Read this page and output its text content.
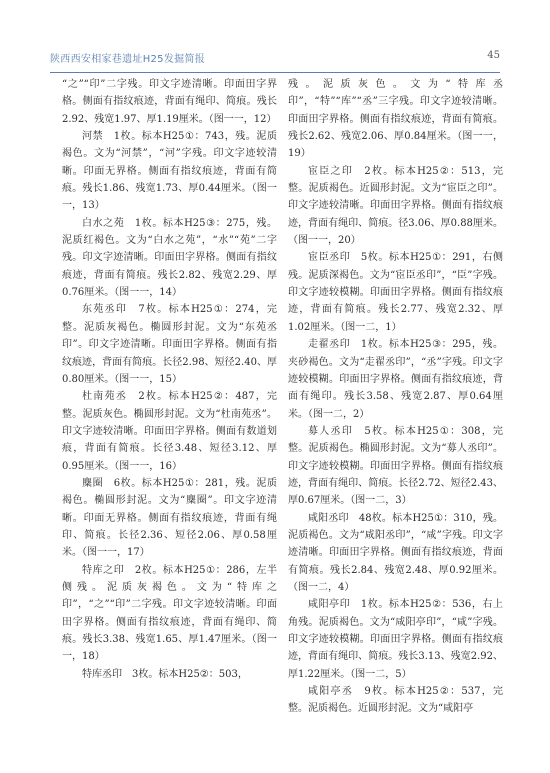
陕西西安相家巷遗址H25发掘简报	45

“之”“印”二字残。印文字迹清晰。印面田字界格。侧面有指纹痕迹，背面有绳印、简痕。残长2.92、残宽1.97、厚1.19厘米。（图一一，12）

河禁　1枚。标本H25①：743，残。泥质褐色。文为“河禁”，“河”字残。印文字迹较清晰。印面无界格。侧面有指纹痕迹，背面有简痕。残长1.86、残宽1.73、厚0.44厘米。（图一一，13）

白水之苑　1枚。标本H25③：275，残。泥质红褐色。文为“白水之苑”，“水”“苑”二字残。印文字迹清晰。印面田字界格。侧面有指纹痕迹，背面有简痕。残长2.82、残宽2.29、厚0.76厘米。（图一一，14）

东苑丞印　7枚。标本H25①：274，完整。泥质灰褐色。椭圆形封泥。文为“东苑丞印”。印文字迹清晰。印面田字界格。侧面有指纹痕迹，背面有简痕。长径2.98、短径2.40、厚0.80厘米。（图一一，15）

杜南苑丞　2枚。标本H25②：487，完整。泥质灰色。椭圆形封泥。文为“杜南苑丞”。印文字迹较清晰。印面田字界格。侧面有数道划痕，背面有简痕。长径3.48、短径3.12、厚0.95厘米。（图一一，16）

麋圈　6枚。标本H25①：281，残。泥质褐色。椭圆形封泥。文为“麋圈”。印文字迹清晰。印面无界格。侧面有指纹痕迹，背面有绳印、简痕。长径2.36、短径2.06、厚0.58厘米。（图一一，17）

特库之印　2枚。标本H25①：286，左半侧残。泥质灰褐色。文为“特库之印”，“之”“印”二字残。印文字迹较清晰。印面田字界格。侧面有指纹痕迹，背面有绳印、简痕。残长3.38、残宽1.65、厚1.47厘米。（图一一，18）

特库丞印　3枚。标本H25②：503，

残。泥质灰色。文为“特库丞印”，“特”“库”“丞”三字残。印文字迹较清晰。印面田字界格。侧面有指纹痕迹，背面有简痕。残长2.62、残宽2.06、厚0.84厘米。（图一一，19）

宦臣之印　2枚。标本H25②：513，完整。泥质褐色。近圆形封泥。文为“宦臣之印”。印文字迹较清晰。印面田字界格。侧面有指纹痕迹，背面有绳印、简痕。径3.06、厚0.88厘米。（图一一，20）

宦臣丞印　5枚。标本H25①：291，右侧残。泥质深褐色。文为“宦臣丞印”，“臣”字残。印文字迹较模糊。印面田字界格。侧面有指纹痕迹，背面有简痕。残长2.77、残宽2.32、厚1.02厘米。（图一二，1）

走翟丞印　1枚。标本H25③：295，残。夹砂褐色。文为“走翟丞印”，“丞”字残。印文字迹较模糊。印面田字界格。侧面有指纹痕迹，背面有绳印。残长3.58、残宽2.87、厚0.64厘米。（图一二，2）

募人丞印　5枚。标本H25①：308，完整。泥质褐色。椭圆形封泥。文为“募人丞印”。印文字迹较模糊。印面田字界格。侧面有指纹痕迹，背面有绳印、简痕。长径2.72、短径2.43、厚0.67厘米。（图一二，3）

咸阳丞印　48枚。标本H25①：310，残。泥质褐色。文为“咸阳丞印”，“咸”字残。印文字迹清晰。印面田字界格。侧面有指纹痕迹，背面有简痕。残长2.84、残宽2.48、厚0.92厘米。（图一二，4）

咸阳亭印　1枚。标本H25②：536，右上角残。泥质褐色。文为“咸阳亭印”，“咸”字残。印文字迹较模糊。印面田字界格。侧面有指纹痕迹，背面有绳印、简痕。残长3.13、残宽2.92、厚1.22厘米。（图一二，5）

咸阳亭丞　9枚。标本H25②：537，完整。泥质褐色。近圆形封泥。文为“咸阳亭
